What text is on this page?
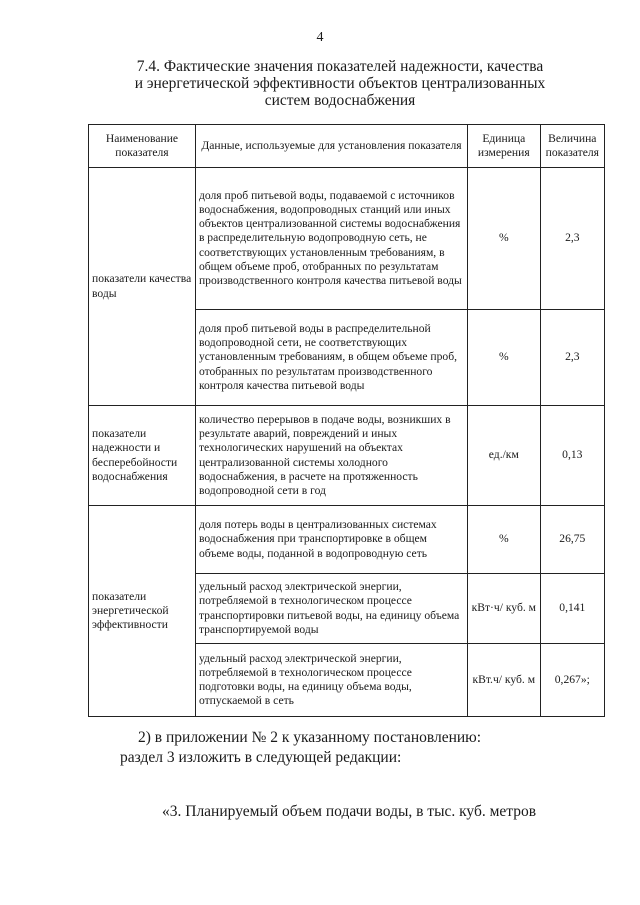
4
7.4. Фактические значения показателей надежности, качества
и энергетической эффективности объектов централизованных
систем водоснабжения
Наименование показателя	Данные, используемые для установления показателя	Единица измерения	Величина показателя
показатели качества воды	доля проб питьевой воды, подаваемой с источников водоснабжения, водопроводных станций или иных объектов централизованной системы водоснабжения в распределительную водопроводную сеть, не соответствующих установленным требованиям, в общем объеме проб, отобранных по результатам производственного контроля качества питьевой воды	%	2,3
	доля проб питьевой воды в распределительной водопроводной сети, не соответствующих установленным требованиям, в общем объеме проб, отобранных по результатам производственного контроля качества питьевой воды	%	2,3
показатели надежности и бесперебойности водоснабжения	количество перерывов в подаче воды, возникших в результате аварий, повреждений и иных технологических нарушений на объектах централизованной системы холодного водоснабжения, в расчете на протяженность водопроводной сети в год	ед./км	0,13
показатели энергетической эффективности	доля потерь воды в централизованных системах водоснабжения при транспортировке в общем объеме воды, поданной в водопроводную сеть	%	26,75
	удельный расход электрической энергии, потребляемой в технологическом процессе транспортировки питьевой воды, на единицу объема транспортируемой воды	кВт·ч/ куб. м	0,141
	удельный расход электрической энергии, потребляемой в технологическом процессе подготовки воды, на единицу объема воды, отпускаемой в сеть	кВт.ч/ куб. м	0,267»;
2) в приложении № 2 к указанному постановлению:
раздел 3 изложить в следующей редакции:
«3. Планируемый объем подачи воды, в тыс. куб. метров
